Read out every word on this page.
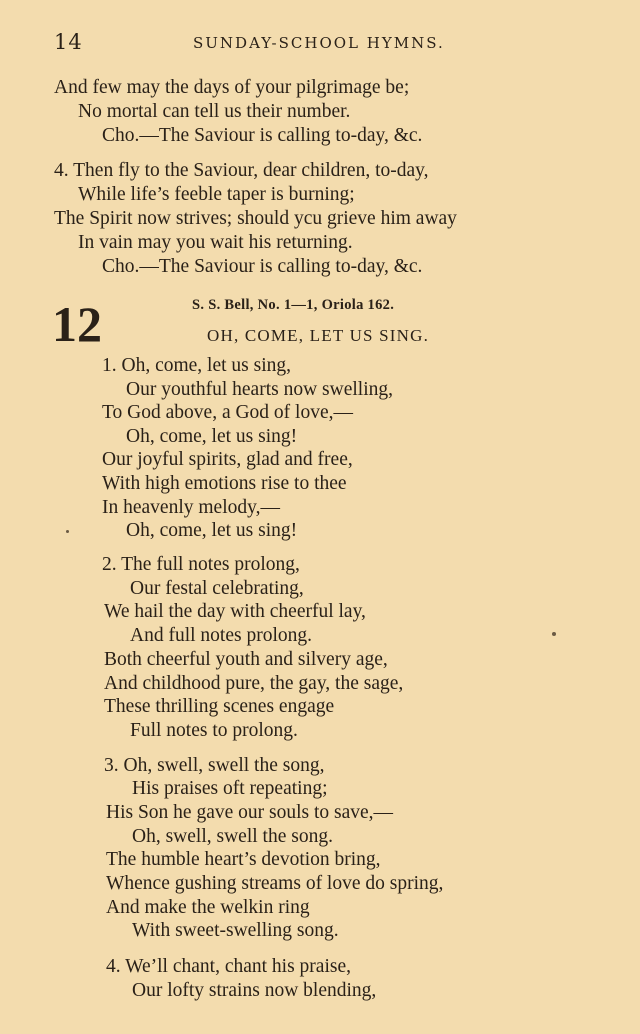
14	SUNDAY-SCHOOL HYMNS.
And few may the days of your pilgrimage be;
No mortal can tell us their number.
Cho.—The Saviour is calling to-day, &c.
4. Then fly to the Saviour, dear children, to-day,
While life’s feeble taper is burning;
The Spirit now strives; should ycu grieve him away
In vain may you wait his returning.
Cho.—The Saviour is calling to-day, &c.
12	S. S. Bell, No. 1—1, Oriola 162.
OH, COME, LET US SING.
1. Oh, come, let us sing,
Our youthful hearts now swelling,
To God above, a God of love,—
Oh, come, let us sing!
Our joyful spirits, glad and free,
With high emotions rise to thee
In heavenly melody,—
Oh, come, let us sing!
2. The full notes prolong,
Our festal celebrating,
We hail the day with cheerful lay,
And full notes prolong.
Both cheerful youth and silvery age,
And childhood pure, the gay, the sage,
These thrilling scenes engage
Full notes to prolong.
3. Oh, swell, swell the song,
His praises oft repeating;
His Son he gave our souls to save,—
Oh, swell, swell the song.
The humble heart’s devotion bring,
Whence gushing streams of love do spring,
And make the welkin ring
With sweet-swelling song.
4. We’ll chant, chant his praise,
Our lofty strains now blending,
